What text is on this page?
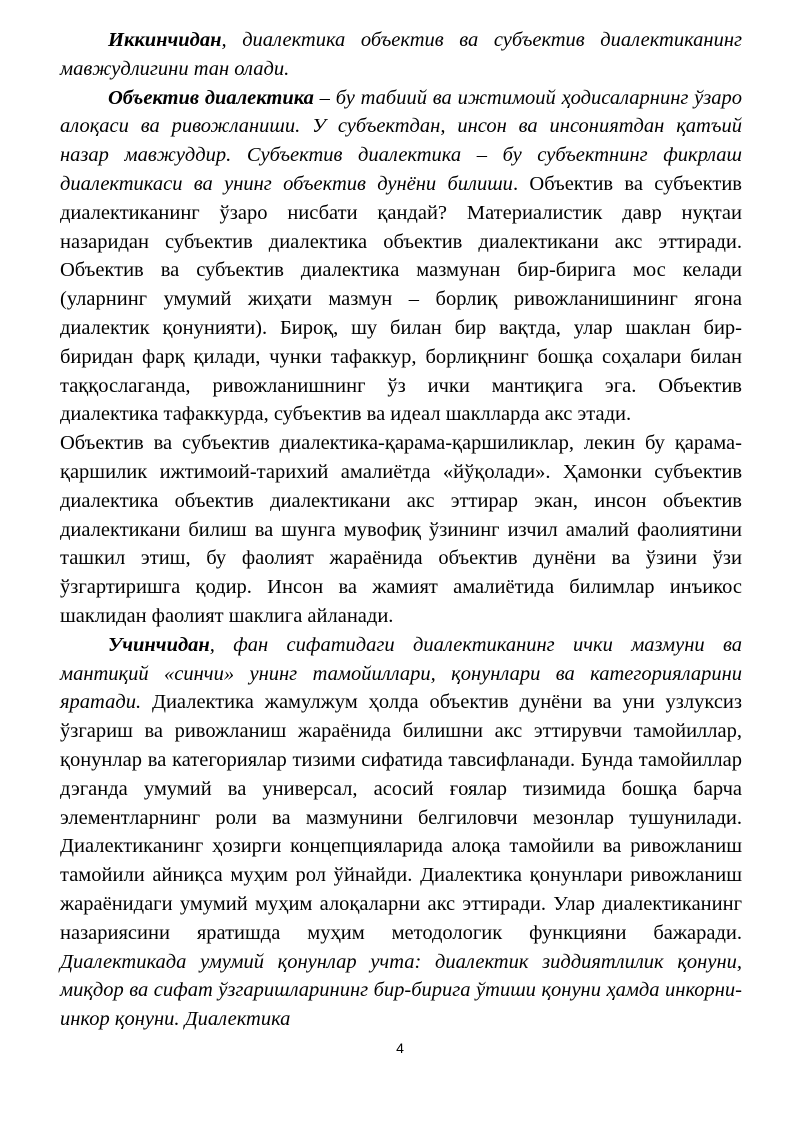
Иккинчидан, диалектика объектив ва субъектив диалектиканинг мавжудлигини тан олади.

Объектив диалектика – бу табиий ва ижтимоий ҳодисаларнинг ўзаро алоқаси ва ривожланиши. У субъектдан, инсон ва инсониятдан қатъий назар мавжуддир. Субъектив диалектика – бу субъектнинг фикрлаш диалектикаси ва унинг объектив дунёни билиши. Объектив ва субъектив диалектиканинг ўзаро нисбати қандай? Материалистик давр нуқтаи назаридан субъектив диалектика объектив диалектикани акс эттиради. Объектив ва субъектив диалектика мазмунан бир-бирига мос келади (уларнинг умумий жиҳати мазмун – борлиқ ривожланишининг ягона диалектик қонунияти). Бироқ, шу билан бир вақтда, улар шаклан бир-биридан фарқ қилади, чунки тафаккур, борлиқнинг бошқа соҳалари билан таққослаганда, ривожланишнинг ўз ички мантиқига эга. Объектив диалектика тафаккурда, субъектив ва идеал шаклларда акс этади.

Объектив ва субъектив диалектика-қарама-қаршиликлар, лекин бу қарама-қаршилик ижтимоий-тарихий амалиётда «йўқолади». Ҳамонки субъектив диалектика объектив диалектикани акс эттирар экан, инсон объектив диалектикани билиш ва шунга мувофиқ ўзининг изчил амалий фаолиятини ташкил этиш, бу фаолият жараёнида объектив дунёни ва ўзини ўзи ўзгартиришга қодир. Инсон ва жамият амалиётида билимлар инъикос шаклидан фаолият шаклига айланади.

Учинчидан, фан сифатидаги диалектиканинг ички мазмуни ва мантиқий «синчи» унинг тамойиллари, қонунлари ва категорияларини яратади. Диалектика жамулжум ҳолда объектив дунёни ва уни узлуксиз ўзгариш ва ривожланиш жараёнида билишни акс эттирувчи тамойиллар, қонунлар ва категориялар тизими сифатида тавсифланади. Бунда тамойиллар дэганда умумий ва универсал, асосий ғоялар тизимида бошқа барча элементларнинг роли ва мазмунини белгиловчи мезонлар тушунилади. Диалектиканинг ҳозирги концепцияларида алоқа тамойили ва ривожланиш тамойили айниқса муҳим рол ўйнайди. Диалектика қонунлари ривожланиш жараёнидаги умумий муҳим алоқаларни акс эттиради. Улар диалектиканинг назариясини яратишда муҳим методологик функцияни бажаради. Диалектикада умумий қонунлар учта: диалектик зиддиятлилик қонуни, миқдор ва сифат ўзгаришларининг бир-бирига ўтиши қонуни ҳамда инкорни-инкор қонуни. Диалектика

4
